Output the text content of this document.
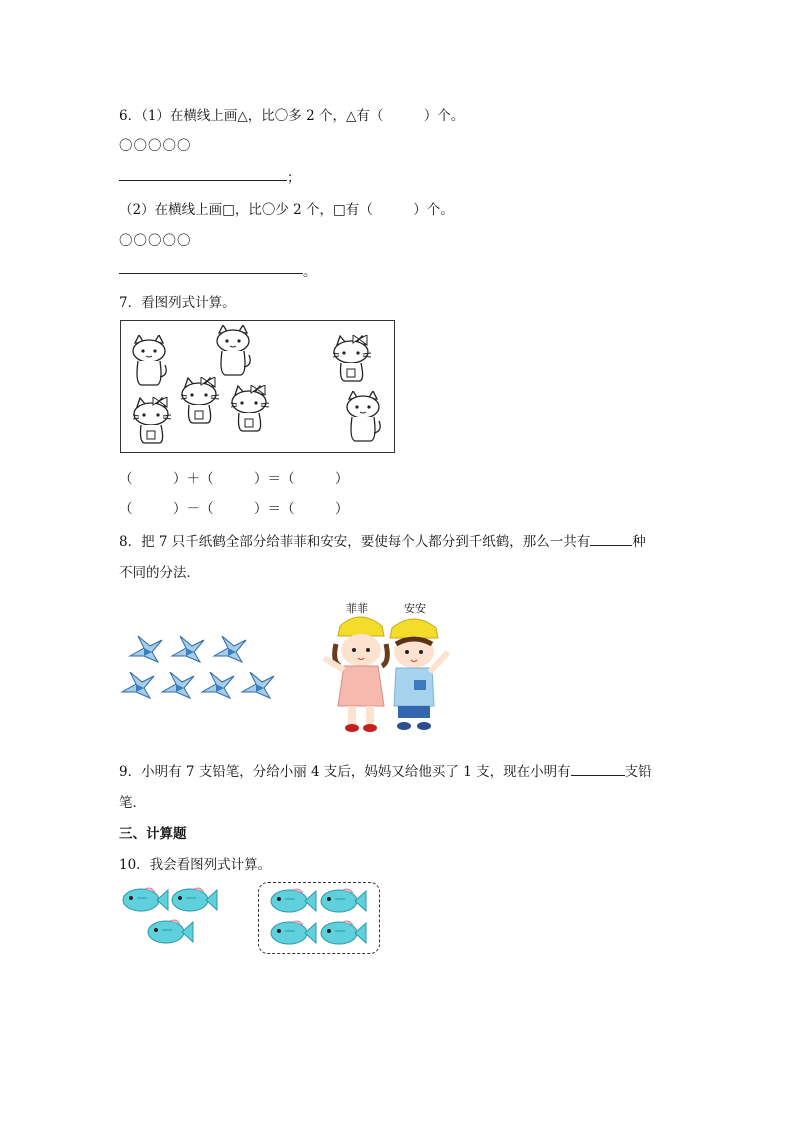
6．（1）在横线上画△，比〇多 2 个，△有（　　　）个。
〇〇〇〇〇
；
（2）在横线上画□，比〇少 2 个，□有（　　　）个。
〇〇〇〇〇
。
7．看图列式计算。
（　　　）＋（　　　）＝（　　　）
（　　　）－（　　　）＝（　　　）
8．把 7 只千纸鹤全部分给菲菲和安安，要使每个人都分到千纸鹤，那么一共有	种
不同的分法．
菲菲	安安
9．小明有 7 支铅笔，分给小丽 4 支后，妈妈又给他买了 1 支，现在小明有	支铅
笔．
三、计算题
10．我会看图列式计算。
